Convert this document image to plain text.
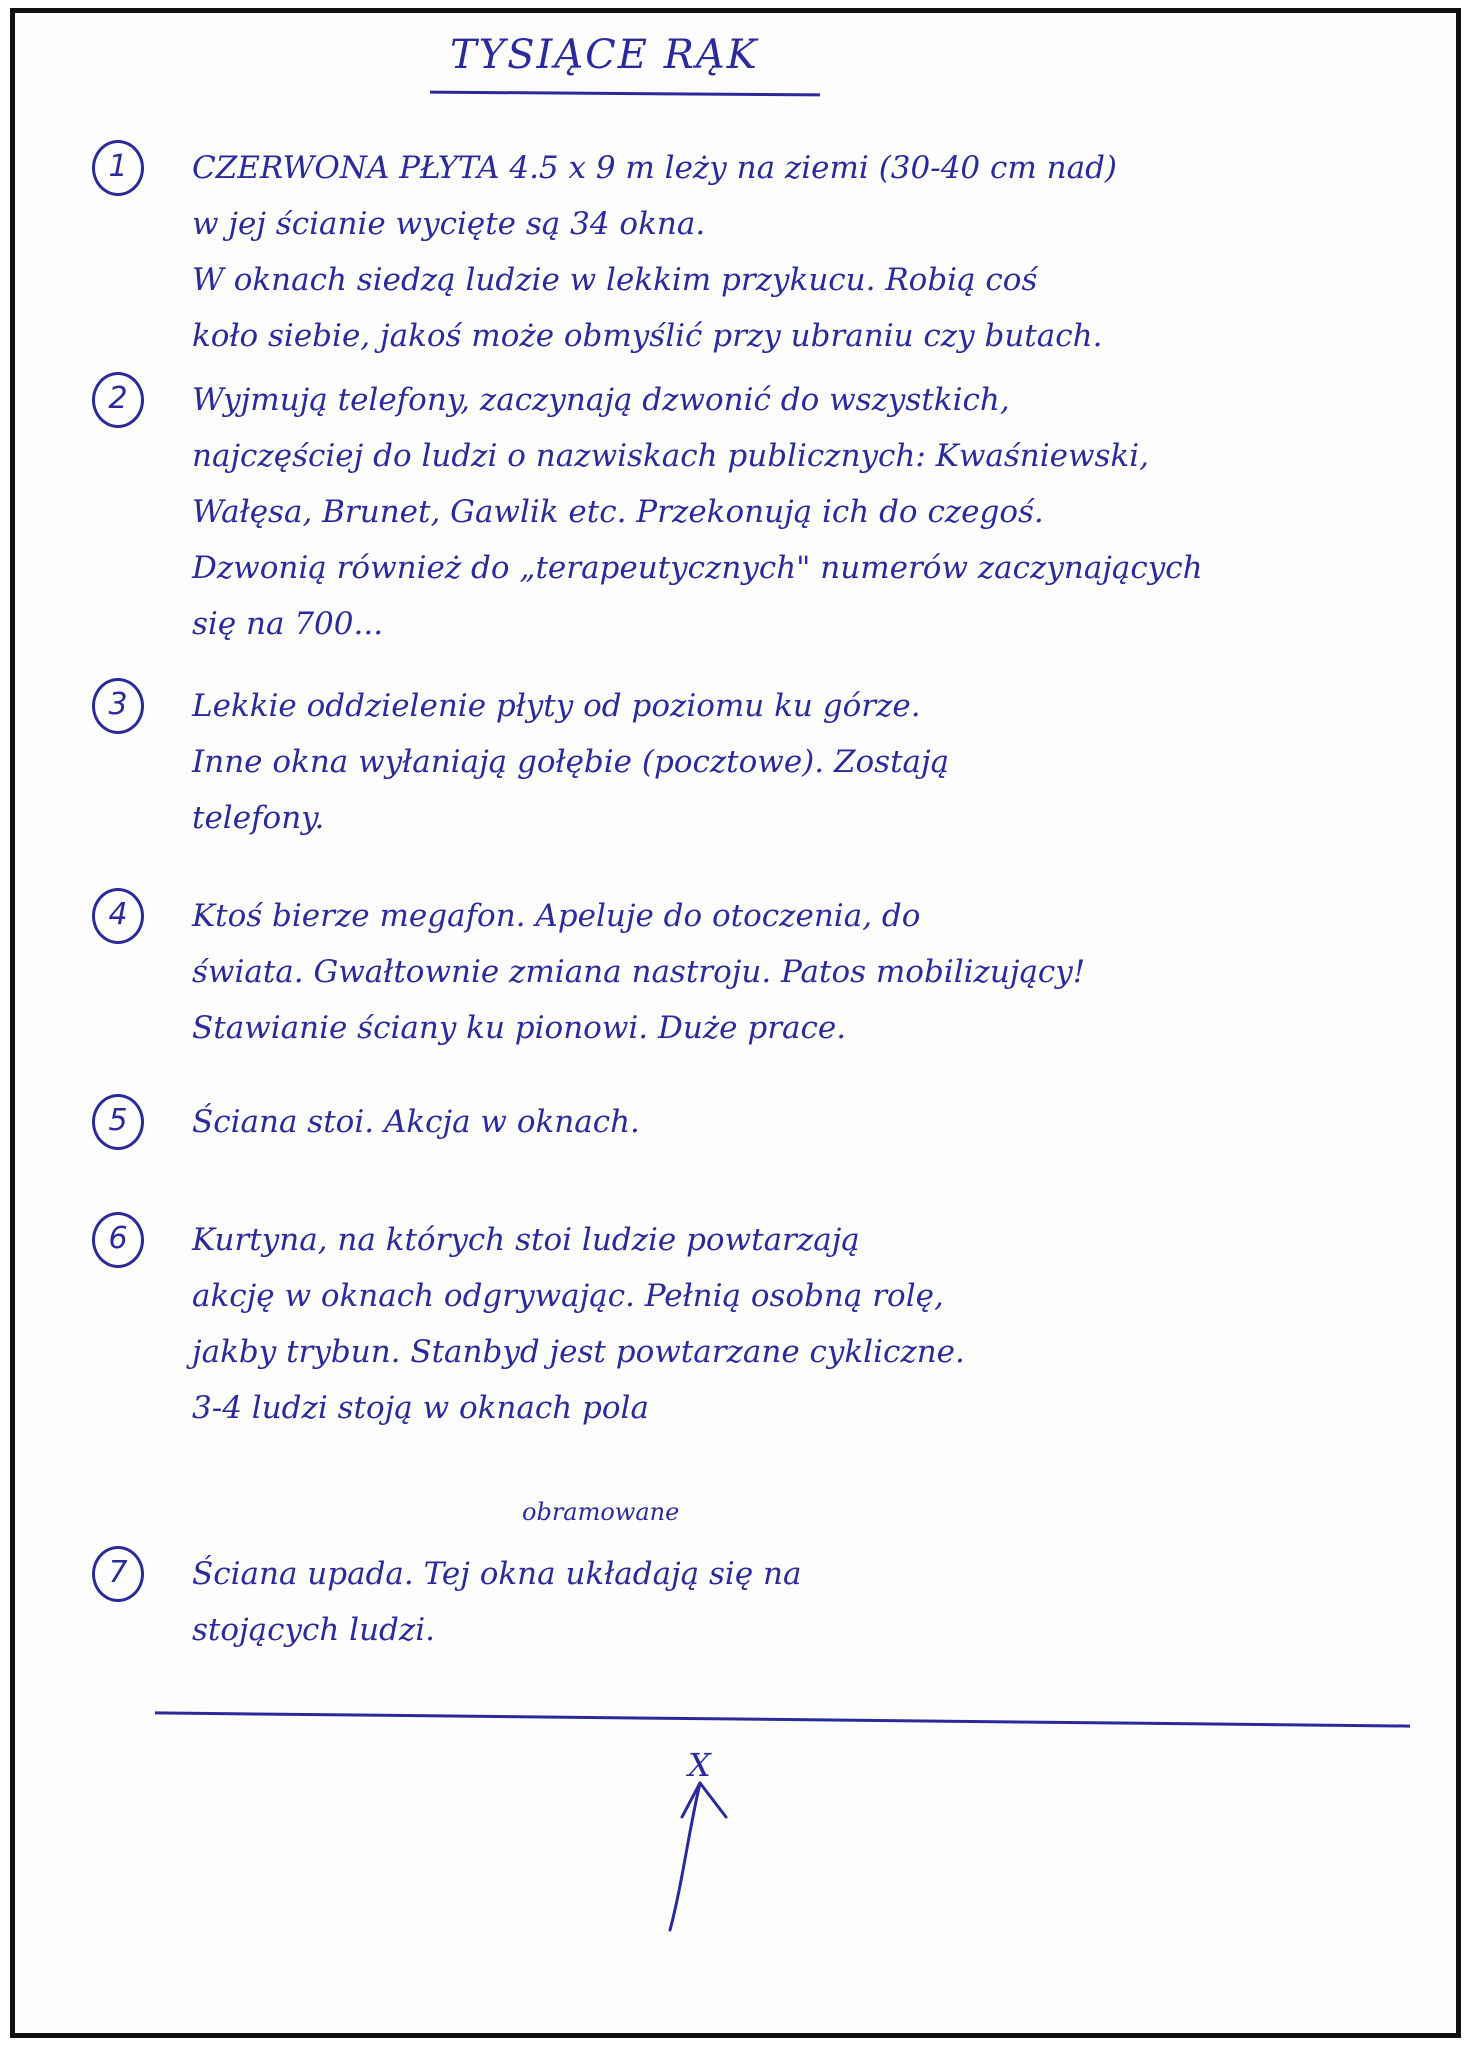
TYSIĄCE RĄK

1	CZERWONA PŁYTA 4.5 x 9 m leży na ziemi (30-40 cm nad)
w jej ścianie wycięte są 34 okna.
W oknach siedzą ludzie w lekkim przykucu. Robią coś
koło siebie, jakoś może obmyślić przy ubraniu czy butach.
2	Wyjmują telefony, zaczynają dzwonić do wszystkich,
najczęściej do ludzi o nazwiskach publicznych: Kwaśniewski,
Wałęsa, Brunet, Gawlik etc. Przekonują ich do czegoś.
Dzwonią również do „terapeutycznych" numerów zaczynających
się na 700...
3	Lekkie oddzielenie płyty od poziomu ku górze.
Inne okna wyłaniają gołębie (pocztowe). Zostają
telefony.
4	Ktoś bierze megafon. Apeluje do otoczenia, do
świata. Gwałtownie zmiana nastroju. Patos mobilizujący!
Stawianie ściany ku pionowi. Duże prace.
5	Ściana stoi. Akcja w oknach.
6	Kurtyna, na których stoi ludzie powtarzają
akcję w oknach odgrywając. Pełnią osobną rolę,
jakby trybun. Stanbyd jest powtarzane cykliczne.
3-4 ludzi stoją w oknach pola
7
obramowane
Ściana upada. Tej okna układają się na
stojących ludzi.
X
